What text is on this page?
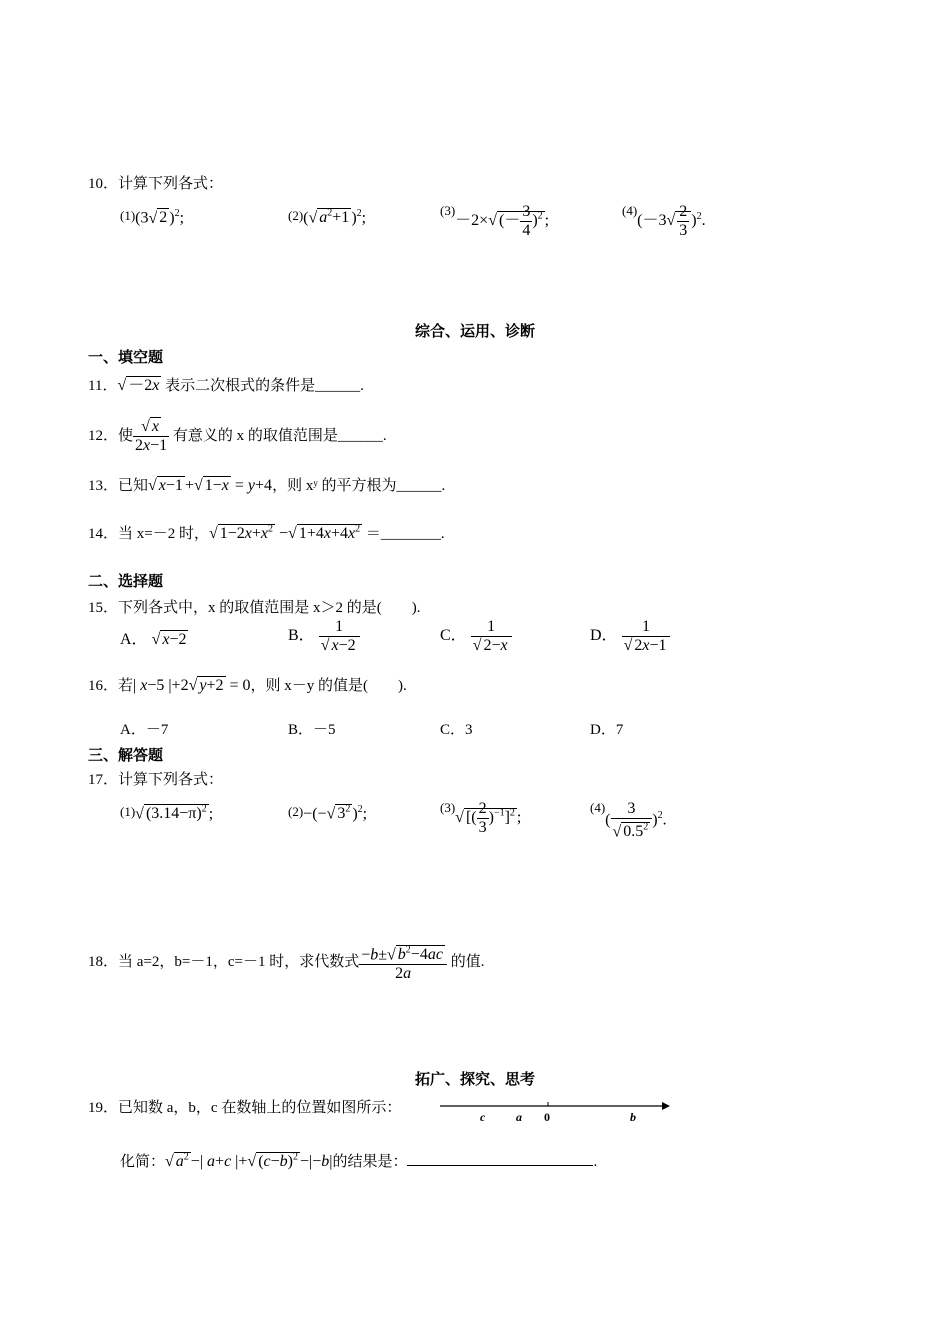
10．计算下列各式：
$^{(1)}$(3√ 2 )$^2$;	$^{(2)}$(√ $a^2+1$ )$^2$;	$^{(3)}$－2×√ (－ $\frac{3}{4} )^2$ ;
$^{(4)}(-3√ \frac{2}{3} )^2$.
综合、运用、诊断
一、填空题
11．√ －2x 表示二次根式的条件是______.
12．使 $\frac{√ x}{2x-1}$ 有意义的 x 的取值范围是______.
13．已知√ x−1 +√ 1−x = y+4，则 xʸ 的平方根为______.
14．当 x=－2 时，√ $1-2x+x^2$ −√ $1+4x+4x^2$ ＝________.
二、选择题
15．下列各式中，x 的取值范围是 x＞2 的是(　　).
A． √ x−2	B． $\frac{1}{√ x-2}$	C． $\frac{1}{√ 2-x}$	D． $\frac{1}{√ 2x-1}$
16．若| x−5 |+2√ y+2 = 0，则 x－y 的值是(　　).
A．－7	B．－5	C．3	D．7
三、解答题
17．计算下列各式：
$^{(1)}$√ $(3.14-\pi)^2$ ;	$^{(2)}$−(−√ $3^2$ )$^2$;	$^{(3)}$√ [( $\frac{2}{3} )^{-1}]^2$ ;
$^{(4)}( \frac{3}{√ 0.5^2} )^2$.
18．当 a=2，b=－1，c=－1 时，求代数式 $\frac{-b\pm√ b^2-4ac}{2a}$ 的值.
拓广、探究、思考
19．已知数 a，b，c 在数轴上的位置如图所示：
c	a 0	b
化简：√ $a^2$ −| a+c |+√ $(c-b)^2 -|-b|$的结果是：	.
